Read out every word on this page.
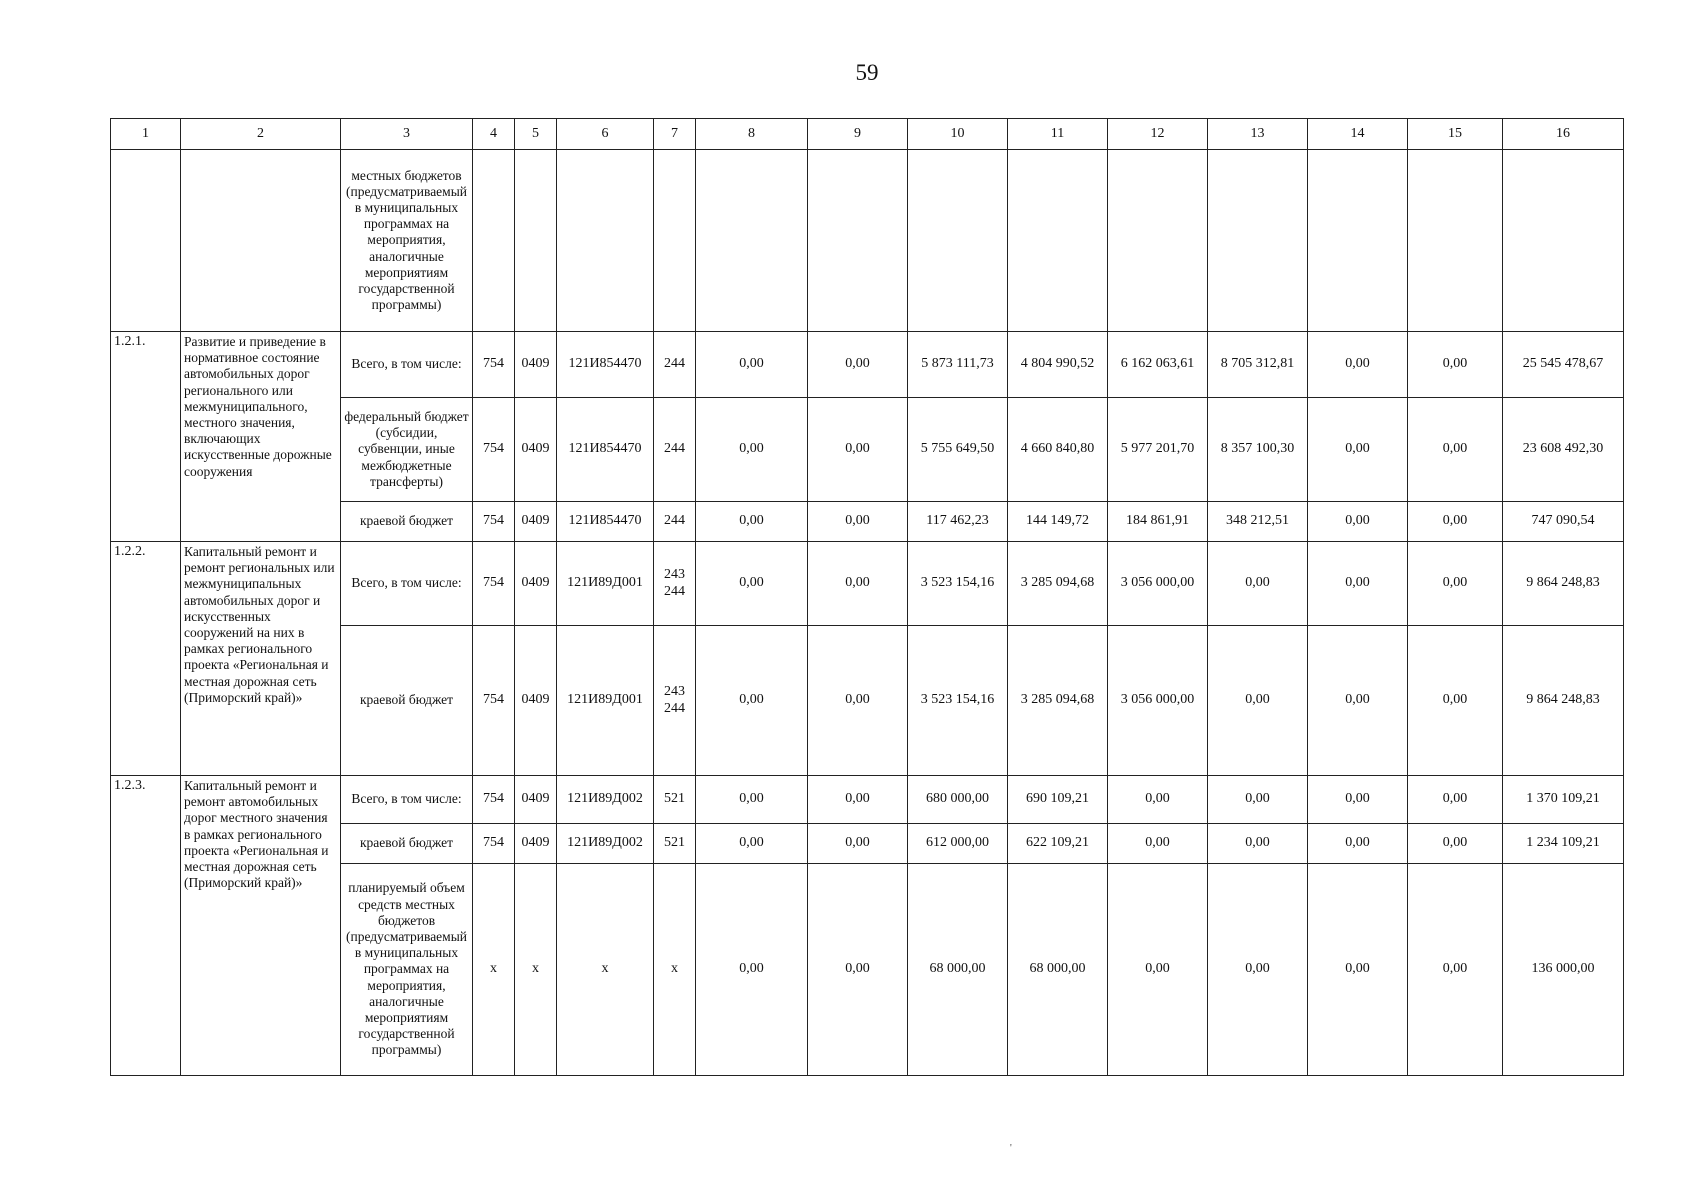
59
1	2	3	4	5	6	7	8	9	10	11	12	13	14	15	16
		местных бюджетов (предусматриваемый в муниципальных программах на мероприятия, аналогичные мероприятиям государственной программы)													
1.2.1.	Развитие и приведение в нормативное состояние автомобильных дорог регионального или межмуниципального, местного значения, включающих искусственные дорожные сооружения	Всего, в том числе:	754	0409	121И854470	244	0,00	0,00	5 873 111,73	4 804 990,52	6 162 063,61	8 705 312,81	0,00	0,00	25 545 478,67
		федеральный бюджет (субсидии, субвенции, иные межбюджетные трансферты)	754	0409	121И854470	244	0,00	0,00	5 755 649,50	4 660 840,80	5 977 201,70	8 357 100,30	0,00	0,00	23 608 492,30
		краевой бюджет	754	0409	121И854470	244	0,00	0,00	117 462,23	144 149,72	184 861,91	348 212,51	0,00	0,00	747 090,54
1.2.2.	Капитальный ремонт и ремонт региональных или межмуниципальных автомобильных дорог и искусственных сооружений на них в рамках регионального проекта «Региональная и местная дорожная сеть (Приморский край)»	Всего, в том числе:	754	0409	121И89Д001	243 244	0,00	0,00	3 523 154,16	3 285 094,68	3 056 000,00	0,00	0,00	0,00	9 864 248,83
		краевой бюджет	754	0409	121И89Д001	243 244	0,00	0,00	3 523 154,16	3 285 094,68	3 056 000,00	0,00	0,00	0,00	9 864 248,83
1.2.3.	Капитальный ремонт и ремонт автомобильных дорог местного значения в рамках регионального проекта «Региональная и местная дорожная сеть (Приморский край)»	Всего, в том числе:	754	0409	121И89Д002	521	0,00	0,00	680 000,00	690 109,21	0,00	0,00	0,00	0,00	1 370 109,21
		краевой бюджет	754	0409	121И89Д002	521	0,00	0,00	612 000,00	622 109,21	0,00	0,00	0,00	0,00	1 234 109,21
		планируемый объем средств местных бюджетов (предусматриваемый в муниципальных программах на мероприятия, аналогичные мероприятиям государственной программы)	x	x	x	x	0,00	0,00	68 000,00	68 000,00	0,00	0,00	0,00	0,00	136 000,00
'
